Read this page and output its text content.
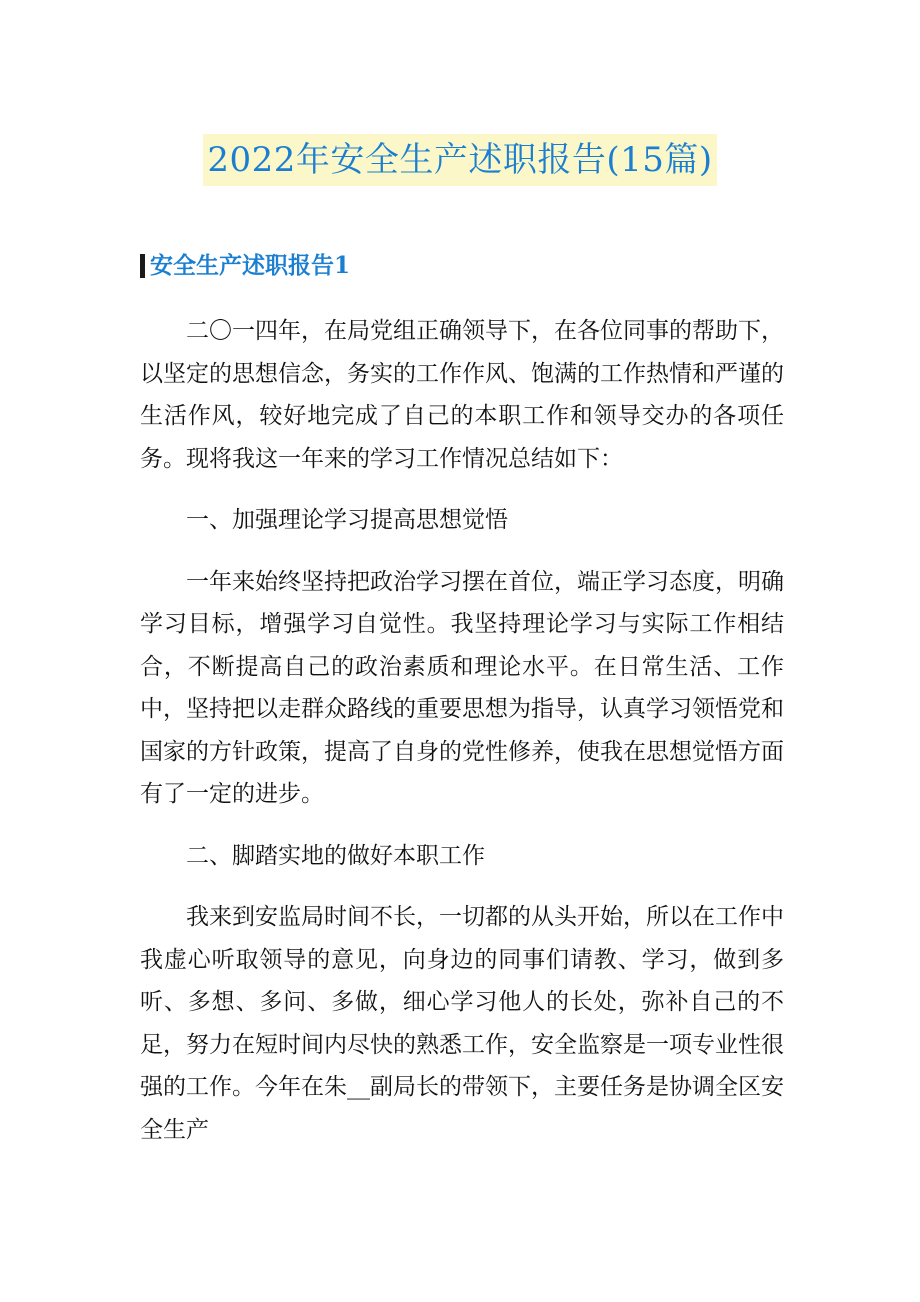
2022年安全生产述职报告(15篇)
安全生产述职报告1

二〇一四年，在局党组正确领导下，在各位同事的帮助下，以坚定的思想信念，务实的工作作风、饱满的工作热情和严谨的生活作风，较好地完成了自己的本职工作和领导交办的各项任务。现将我这一年来的学习工作情况总结如下：

一、加强理论学习提高思想觉悟

一年来始终坚持把政治学习摆在首位，端正学习态度，明确学习目标，增强学习自觉性。我坚持理论学习与实际工作相结合，不断提高自己的政治素质和理论水平。在日常生活、工作中，坚持把以走群众路线的重要思想为指导，认真学习领悟党和国家的方针政策，提高了自身的党性修养，使我在思想觉悟方面有了一定的进步。

二、脚踏实地的做好本职工作

我来到安监局时间不长，一切都的从头开始，所以在工作中我虚心听取领导的意见，向身边的同事们请教、学习，做到多听、多想、多问、多做，细心学习他人的长处，弥补自己的不足，努力在短时间内尽快的熟悉工作，安全监察是一项专业性很强的工作。今年在朱__副局长的带领下，主要任务是协调全区安全生产
